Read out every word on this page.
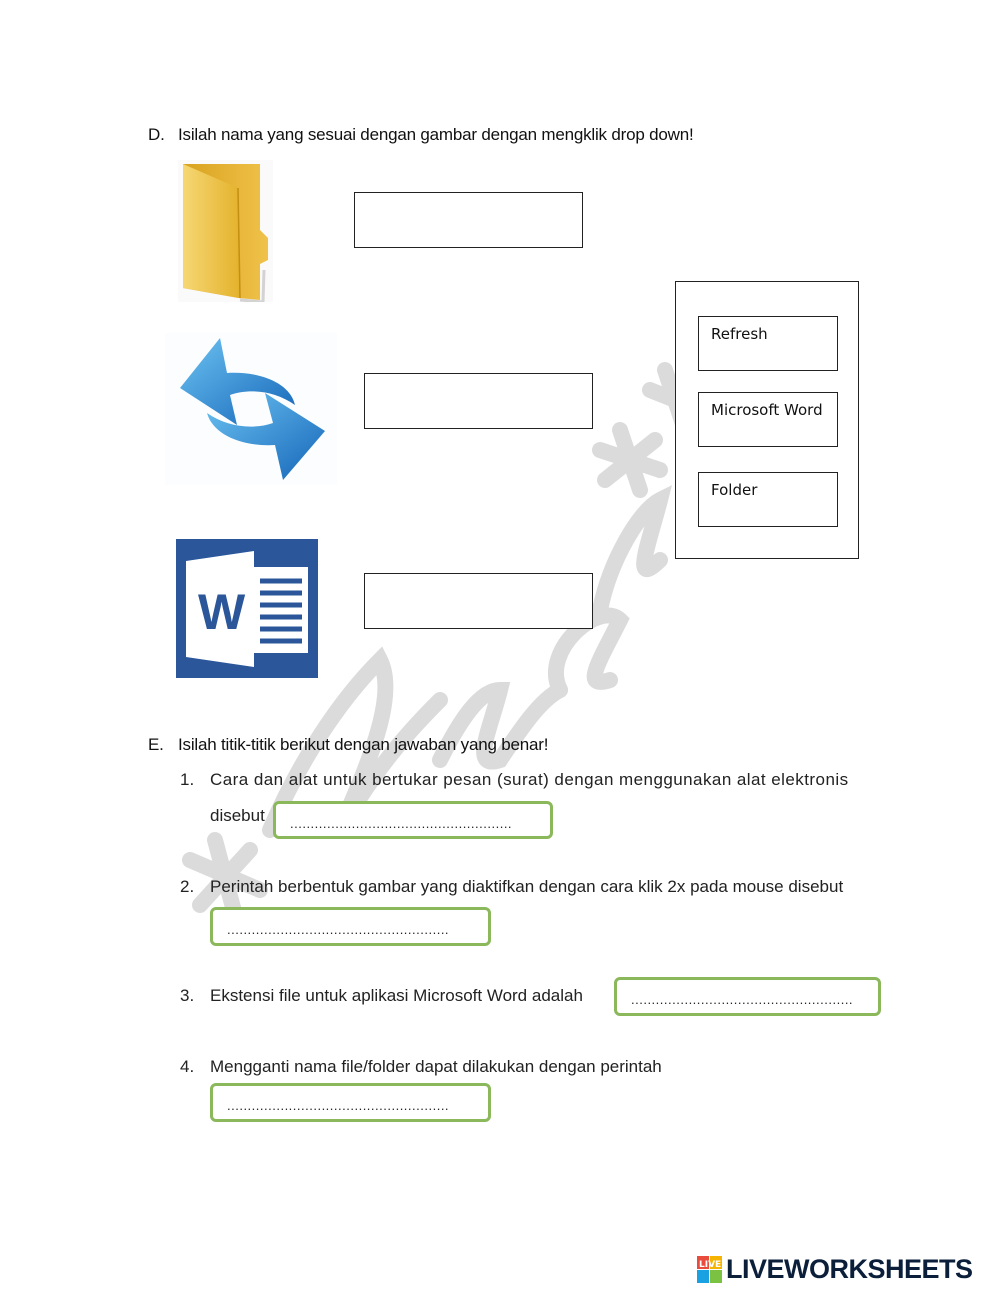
D. Isilah nama yang sesuai dengan gambar dengan mengklik drop down!
W
Refresh
Microsoft Word
Folder
E. Isilah titik-titik berikut dengan jawaban yang benar!
1. Cara dan alat untuk bertukar pesan (surat) dengan menggunakan alat elektronis
disebut	......................................................
2. Perintah berbentuk gambar yang diaktifkan dengan cara klik 2x pada mouse disebut
......................................................
3. Ekstensi file untuk aplikasi Microsoft Word adalah	......................................................
4. Mengganti nama file/folder dapat dilakukan dengan perintah
......................................................
LIVE LIVEWORKSHEETS
